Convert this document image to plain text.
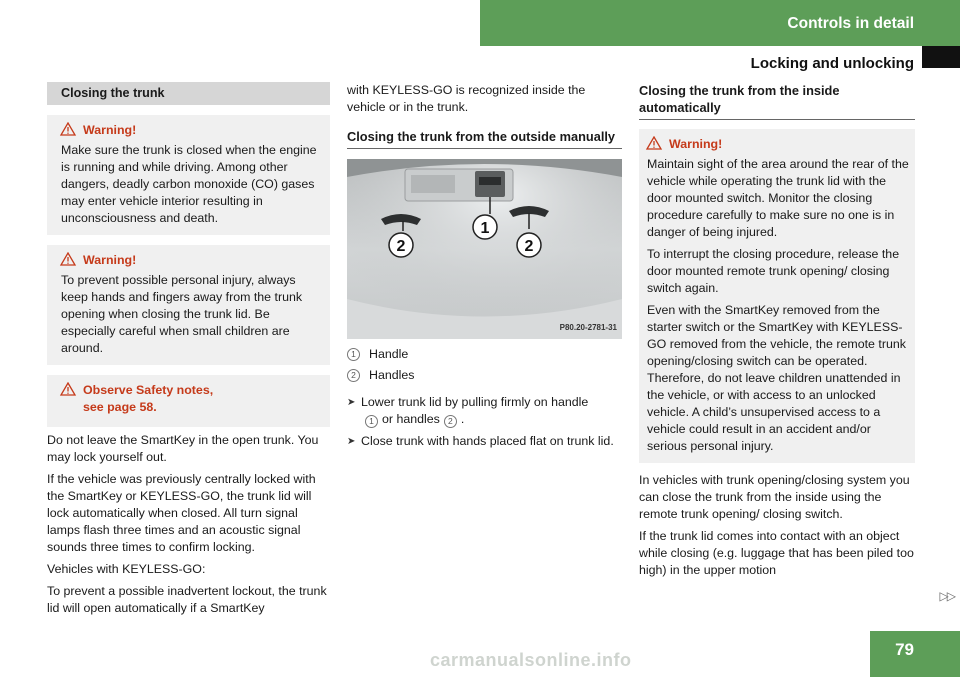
Controls in detail
Locking and unlocking
Closing the trunk
Warning!

Make sure the trunk is closed when the engine is running and while driving. Among other dangers, deadly carbon monoxide (CO) gases may enter vehicle interior resulting in unconsciousness and death.

Warning!

To prevent possible personal injury, always keep hands and fingers away from the trunk opening when closing the trunk lid. Be especially careful when small children are around.

Observe Safety notes, see page 58.

Do not leave the SmartKey in the open trunk. You may lock yourself out.

If the vehicle was previously centrally locked with the SmartKey or KEYLESS-GO, the trunk lid will lock automatically when closed. All turn signal lamps flash three times and an acoustic signal sounds three times to confirm locking.

Vehicles with KEYLESS-GO:

To prevent a possible inadvertent lockout, the trunk lid will open automatically if a SmartKey

with KEYLESS-GO is recognized inside the vehicle or in the trunk.

Closing the trunk from the outside manually
1
2	2
P80.20-2781-31
1	Handle
2	Handles
➤ Lower trunk lid by pulling firmly on handle
1 or handles 2 .
➤ Close trunk with hands placed flat on trunk lid.
Closing the trunk from the inside automatically
Warning!

Maintain sight of the area around the rear of the vehicle while operating the trunk lid with the door mounted switch. Monitor the closing procedure carefully to make sure no one is in danger of being injured.

To interrupt the closing procedure, release the door mounted remote trunk opening/ closing switch again.

Even with the SmartKey removed from the starter switch or the SmartKey with KEYLESS-GO removed from the vehicle, the remote trunk opening/closing switch can be operated. Therefore, do not leave children unattended in the vehicle, or with access to an unlocked vehicle. A child’s unsupervised access to a vehicle could result in an accident and/or serious personal injury.

In vehicles with trunk opening/closing system you can close the trunk from the inside using the remote trunk opening/ closing switch.

If the trunk lid comes into contact with an object while closing (e.g. luggage that has been piled too high) in the upper motion

▷▷
carmanualsonline.info
79
